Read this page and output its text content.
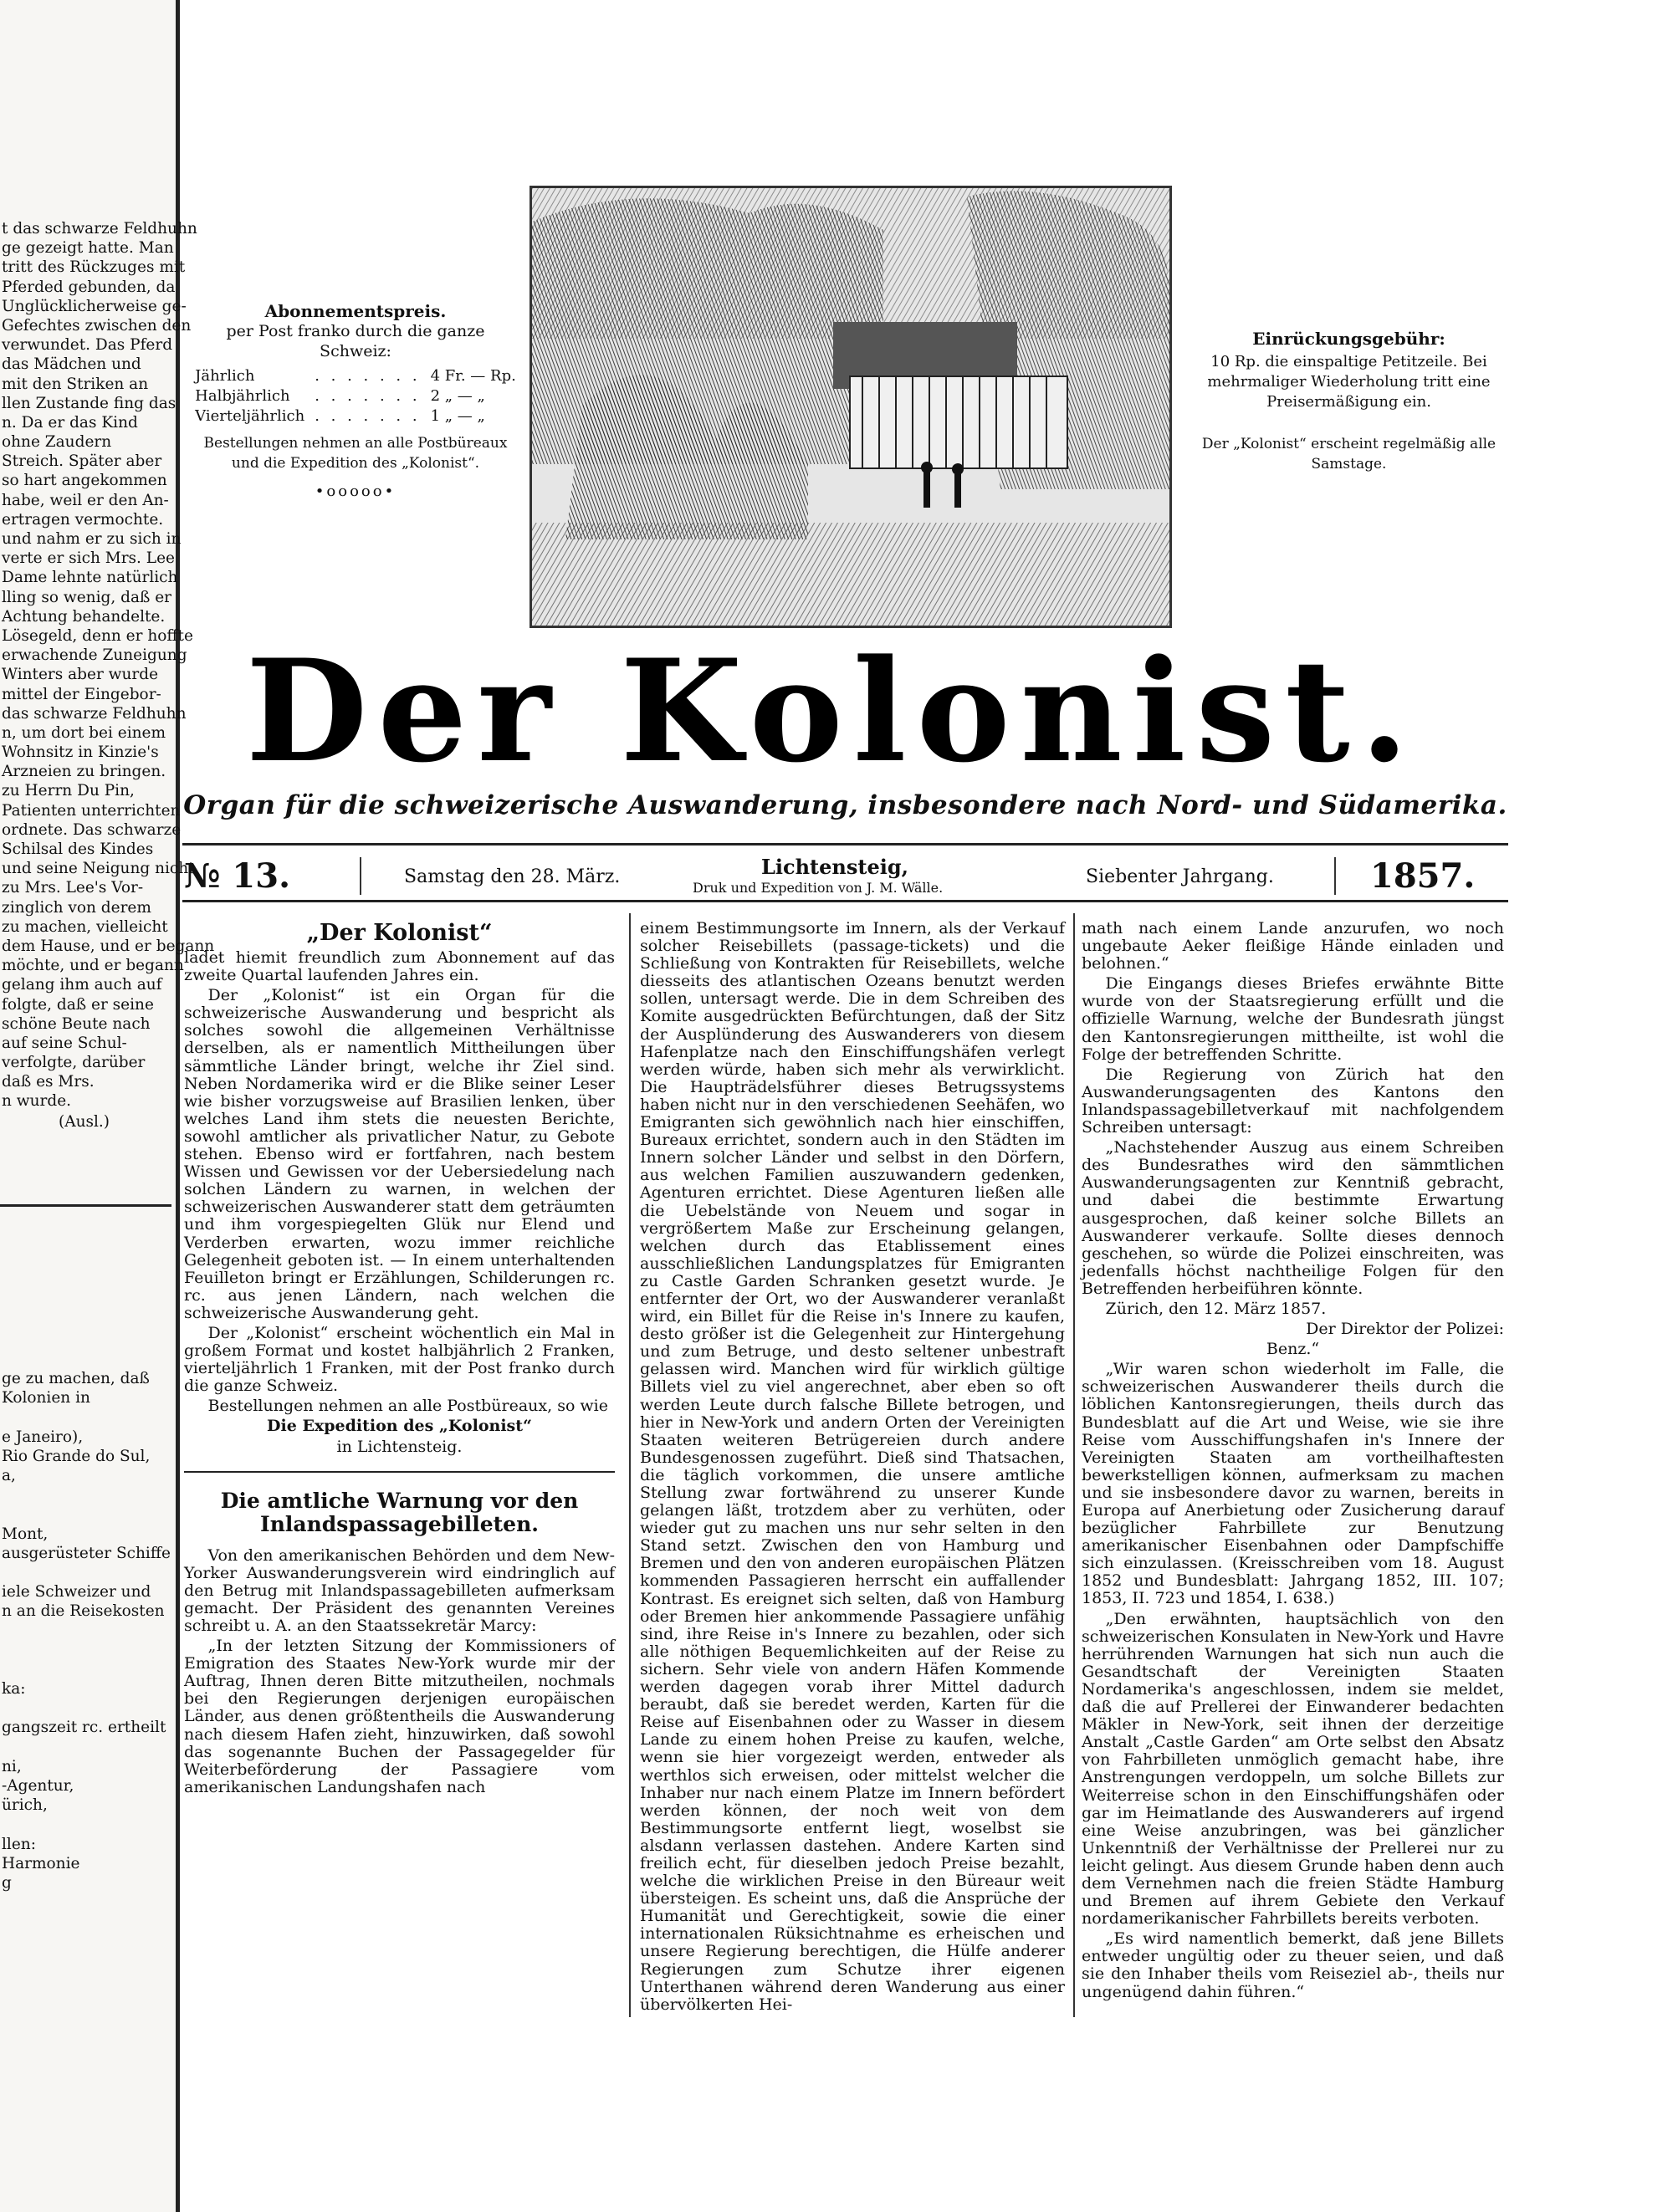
t das schwarze Feldhuhn
ge gezeigt hatte. Man
tritt des Rückzuges mit
Pferded gebunden, da
Unglücklicherweise ge-
Gefechtes zwischen den
verwundet. Das Pferd
das Mädchen und
mit den Striken an
llen Zustande fing das
n. Da er das Kind
ohne Zaudern
Streich. Später aber
so hart angekommen
habe, weil er den An-
ertragen vermochte.
und nahm er zu sich in
verte er sich Mrs. Lee
Dame lehnte natürlich
lling so wenig, daß er
Achtung behandelte.
Lösegeld, denn er hoffte
erwachende Zuneigung
Winters aber wurde
mittel der Eingebor-
das schwarze Feldhuhn
n, um dort bei einem
Wohnsitz in Kinzie's
Arzneien zu bringen.
zu Herrn Du Pin,
Patienten unterrichten
ordnete. Das schwarze
Schilsal des Kindes
und seine Neigung nicht
zu Mrs. Lee's Vor-
zinglich von derem
zu machen, vielleicht
dem Hause, und er begann
möchte, und er begann
gelang ihm auch auf
folgte, daß er seine
schöne Beute nach
auf seine Schul-
verfolgte, darüber
daß es Mrs.
n wurde.
(Ausl.)
ge zu machen, daß
Kolonien in
e Janeiro),
Rio Grande do Sul,
a,
Mont,
ausgerüsteter Schiffe
iele Schweizer und
n an die Reisekosten
ka:
gangszeit rc. ertheilt
ni,
-Agentur,
ürich,
llen:
Harmonie
g
Abonnementspreis.
per Post franko durch die ganze Schweiz:
Jährlich	. . . . . . .	4 Fr. — Rp.
Halbjährlich	. . . . . . .	2 „ — „
Vierteljährlich	. . . . . . .	1 „ — „
Bestellungen nehmen an alle Postbüreaux und die Expedition des „Kolonist“.
•ooooo•
Einrückungsgebühr:
10 Rp. die einspaltige Petitzeile. Bei mehrmaliger Wiederholung tritt eine Preisermäßigung ein.
Der „Kolonist“ erscheint regelmäßig alle Samstage.
Der Kolonist.
Organ für die schweizerische Auswanderung, insbesondere nach Nord- und Südamerika.
№ 13.	Samstag den 28. März.	Lichtensteig,
Druk und Expedition von J. M. Wälle.
Siebenter Jahrgang.	1857.

„Der Kolonist“

ladet hiemit freundlich zum Abonnement auf das zweite Quartal laufenden Jahres ein.

Der „Kolonist“ ist ein Organ für die schweizerische Auswanderung und bespricht als solches sowohl die allgemeinen Verhältnisse derselben, als er namentlich Mittheilungen über sämmtliche Länder bringt, welche ihr Ziel sind. Neben Nordamerika wird er die Blike seiner Leser wie bisher vorzugsweise auf Brasilien lenken, über welches Land ihm stets die neuesten Berichte, sowohl amtlicher als privatlicher Natur, zu Gebote stehen. Ebenso wird er fortfahren, nach bestem Wissen und Gewissen vor der Uebersiedelung nach solchen Ländern zu warnen, in welchen der schweizerischen Auswanderer statt dem geträumten und ihm vorgespiegelten Glük nur Elend und Verderben erwarten, wozu immer reichliche Gelegenheit geboten ist. — In einem unterhaltenden Feuilleton bringt er Erzählungen, Schilderungen rc. rc. aus jenen Ländern, nach welchen die schweizerische Auswanderung geht.

Der „Kolonist“ erscheint wöchentlich ein Mal in großem Format und kostet halbjährlich 2 Franken, vierteljährlich 1 Franken, mit der Post franko durch die ganze Schweiz.

Bestellungen nehmen an alle Postbüreaux, so wie

Die Expedition des „Kolonist“

in Lichtensteig.

Die amtliche Warnung vor den Inlandspassagebilleten.

Von den amerikanischen Behörden und dem New-Yorker Auswanderungsverein wird eindringlich auf den Betrug mit Inlandspassagebilleten aufmerksam gemacht. Der Präsident des genannten Vereines schreibt u. A. an den Staatssekretär Marcy:

„In der letzten Sitzung der Kommissioners of Emigration des Staates New-York wurde mir der Auftrag, Ihnen deren Bitte mitzutheilen, nochmals bei den Regierungen derjenigen europäischen Länder, aus denen größtentheils die Auswanderung nach diesem Hafen zieht, hinzuwirken, daß sowohl das sogenannte Buchen der Passagegelder für Weiterbeförderung der Passagiere vom amerikanischen Landungshafen nach

einem Bestimmungsorte im Innern, als der Verkauf solcher Reisebillets (passage-tickets) und die Schließung von Kontrakten für Reisebillets, welche diesseits des atlantischen Ozeans benutzt werden sollen, untersagt werde. Die in dem Schreiben des Komite ausgedrückten Befürchtungen, daß der Sitz der Ausplünderung des Auswanderers von diesem Hafenplatze nach den Einschiffungshäfen verlegt werden würde, haben sich mehr als verwirklicht. Die Haupträdelsführer dieses Betrugssystems haben nicht nur in den verschiedenen Seehäfen, wo Emigranten sich gewöhnlich nach hier einschiffen, Bureaux errichtet, sondern auch in den Städten im Innern solcher Länder und selbst in den Dörfern, aus welchen Familien auszuwandern gedenken, Agenturen errichtet. Diese Agenturen ließen alle die Uebelstände von Neuem und sogar in vergrößertem Maße zur Erscheinung gelangen, welchen durch das Etablissement eines ausschließlichen Landungsplatzes für Emigranten zu Castle Garden Schranken gesetzt wurde. Je entfernter der Ort, wo der Auswanderer veranlaßt wird, ein Billet für die Reise in's Innere zu kaufen, desto größer ist die Gelegenheit zur Hintergehung und zum Betruge, und desto seltener unbestraft gelassen wird. Manchen wird für wirklich gültige Billets viel zu viel angerechnet, aber eben so oft werden Leute durch falsche Billete betrogen, und hier in New-York und andern Orten der Vereinigten Staaten weiteren Betrügereien durch andere Bundesgenossen zugeführt. Dieß sind Thatsachen, die täglich vorkommen, die unsere amtliche Stellung zwar fortwährend zu unserer Kunde gelangen läßt, trotzdem aber zu verhüten, oder wieder gut zu machen uns nur sehr selten in den Stand setzt. Zwischen den von Hamburg und Bremen und den von anderen europäischen Plätzen kommenden Passagieren herrscht ein auffallender Kontrast. Es ereignet sich selten, daß von Hamburg oder Bremen hier ankommende Passagiere unfähig sind, ihre Reise in's Innere zu bezahlen, oder sich alle nöthigen Bequemlichkeiten auf der Reise zu sichern. Sehr viele von andern Häfen Kommende werden dagegen vorab ihrer Mittel dadurch beraubt, daß sie beredet werden, Karten für die Reise auf Eisenbahnen oder zu Wasser in diesem Lande zu einem hohen Preise zu kaufen, welche, wenn sie hier vorgezeigt werden, entweder als werthlos sich erweisen, oder mittelst welcher die Inhaber nur nach einem Platze im Innern befördert werden können, der noch weit von dem Bestimmungsorte entfernt liegt, woselbst sie alsdann verlassen dastehen. Andere Karten sind freilich echt, für dieselben jedoch Preise bezahlt, welche die wirklichen Preise in den Büreaur weit übersteigen. Es scheint uns, daß die Ansprüche der Humanität und Gerechtigkeit, sowie die einer internationalen Rüksichtnahme es erheischen und unsere Regierung berechtigen, die Hülfe anderer Regierungen zum Schutze ihrer eigenen Unterthanen während deren Wanderung aus einer übervölkerten Hei-

math nach einem Lande anzurufen, wo noch ungebaute Aeker fleißige Hände einladen und belohnen.“

Die Eingangs dieses Briefes erwähnte Bitte wurde von der Staatsregierung erfüllt und die offizielle Warnung, welche der Bundesrath jüngst den Kantonsregierungen mittheilte, ist wohl die Folge der betreffenden Schritte.

Die Regierung von Zürich hat den Auswanderungsagenten des Kantons den Inlandspassagebilletverkauf mit nachfolgendem Schreiben untersagt:

„Nachstehender Auszug aus einem Schreiben des Bundesrathes wird den sämmtlichen Auswanderungsagenten zur Kenntniß gebracht, und dabei die bestimmte Erwartung ausgesprochen, daß keiner solche Billets an Auswanderer verkaufe. Sollte dieses dennoch geschehen, so würde die Polizei einschreiten, was jedenfalls höchst nachtheilige Folgen für den Betreffenden herbeiführen könnte.

Zürich, den 12. März 1857.

Der Direktor der Polizei:

Benz.“

„Wir waren schon wiederholt im Falle, die schweizerischen Auswanderer theils durch die löblichen Kantonsregierungen, theils durch das Bundesblatt auf die Art und Weise, wie sie ihre Reise vom Ausschiffungshafen in's Innere der Vereinigten Staaten am vortheilhaftesten bewerkstelligen können, aufmerksam zu machen und sie insbesondere davor zu warnen, bereits in Europa auf Anerbietung oder Zusicherung darauf bezüglicher Fahrbillete zur Benutzung amerikanischer Eisenbahnen oder Dampfschiffe sich einzulassen. (Kreisschreiben vom 18. August 1852 und Bundesblatt: Jahrgang 1852, III. 107; 1853, II. 723 und 1854, I. 638.)

„Den erwähnten, hauptsächlich von den schweizerischen Konsulaten in New-York und Havre herrührenden Warnungen hat sich nun auch die Gesandtschaft der Vereinigten Staaten Nordamerika's angeschlossen, indem sie meldet, daß die auf Prellerei der Einwanderer bedachten Mäkler in New-York, seit ihnen der derzeitige Anstalt „Castle Garden“ am Orte selbst den Absatz von Fahrbilleten unmöglich gemacht habe, ihre Anstrengungen verdoppeln, um solche Billets zur Weiterreise schon in den Einschiffungshäfen oder gar im Heimatlande des Auswanderers auf irgend eine Weise anzubringen, was bei gänzlicher Unkenntniß der Verhältnisse der Prellerei nur zu leicht gelingt. Aus diesem Grunde haben denn auch dem Vernehmen nach die freien Städte Hamburg und Bremen auf ihrem Gebiete den Verkauf nordamerikanischer Fahrbillets bereits verboten.

„Es wird namentlich bemerkt, daß jene Billets entweder ungültig oder zu theuer seien, und daß sie den Inhaber theils vom Reiseziel ab-, theils nur ungenügend dahin führen.“
